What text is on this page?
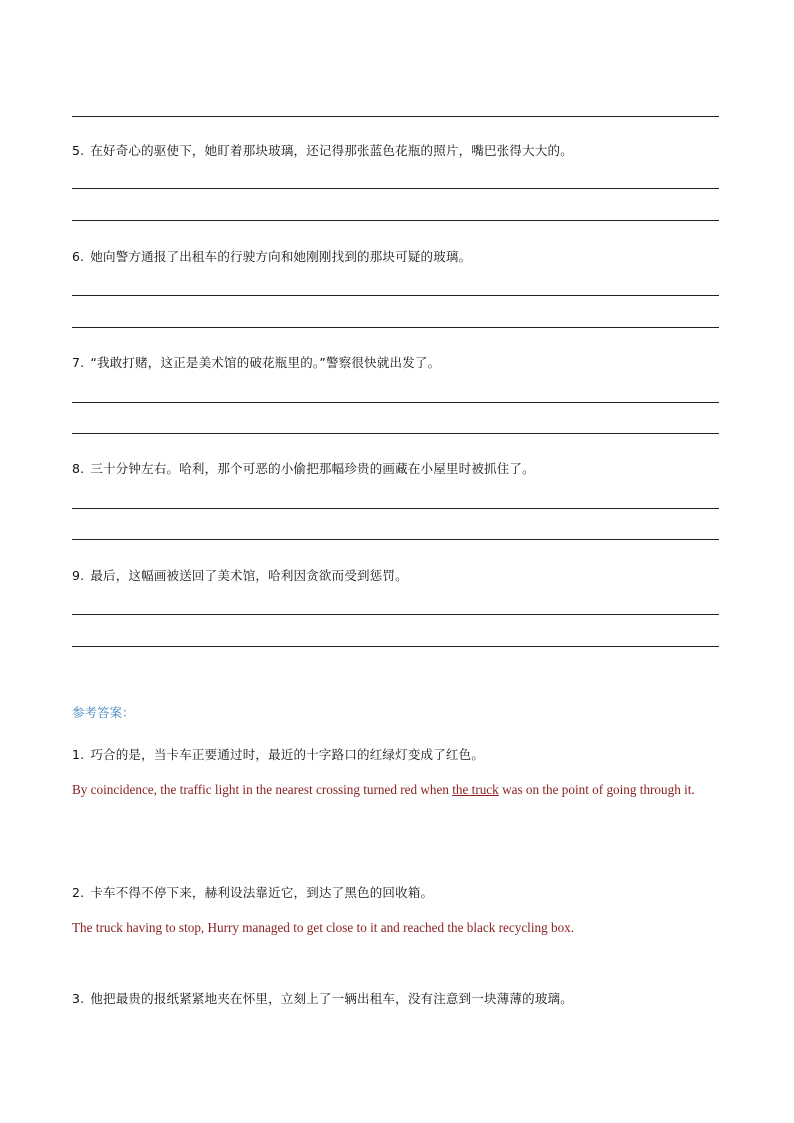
5. 在好奇心的驱使下，她盯着那块玻璃，还记得那张蓝色花瓶的照片，嘴巴张得大大的。
6. 她向警方通报了出租车的行驶方向和她刚刚找到的那块可疑的玻璃。
7. “我敢打赌，这正是美术馆的破花瓶里的。”警察很快就出发了。
8. 三十分钟左右。哈利，那个可恶的小偷把那幅珍贵的画藏在小屋里时被抓住了。
9. 最后，这幅画被送回了美术馆，哈利因贪欲而受到惩罚。
参考答案：
1. 巧合的是，当卡车正要通过时，最近的十字路口的红绿灯变成了红色。
By coincidence, the traffic light in the nearest crossing turned red when the truck was on the point of going through it.
2. 卡车不得不停下来，赫利设法靠近它，到达了黑色的回收箱。
The truck having to stop, Hurry managed to get close to it and reached the black recycling box.
3. 他把最贵的报纸紧紧地夹在怀里，立刻上了一辆出租车，没有注意到一块薄薄的玻璃。
